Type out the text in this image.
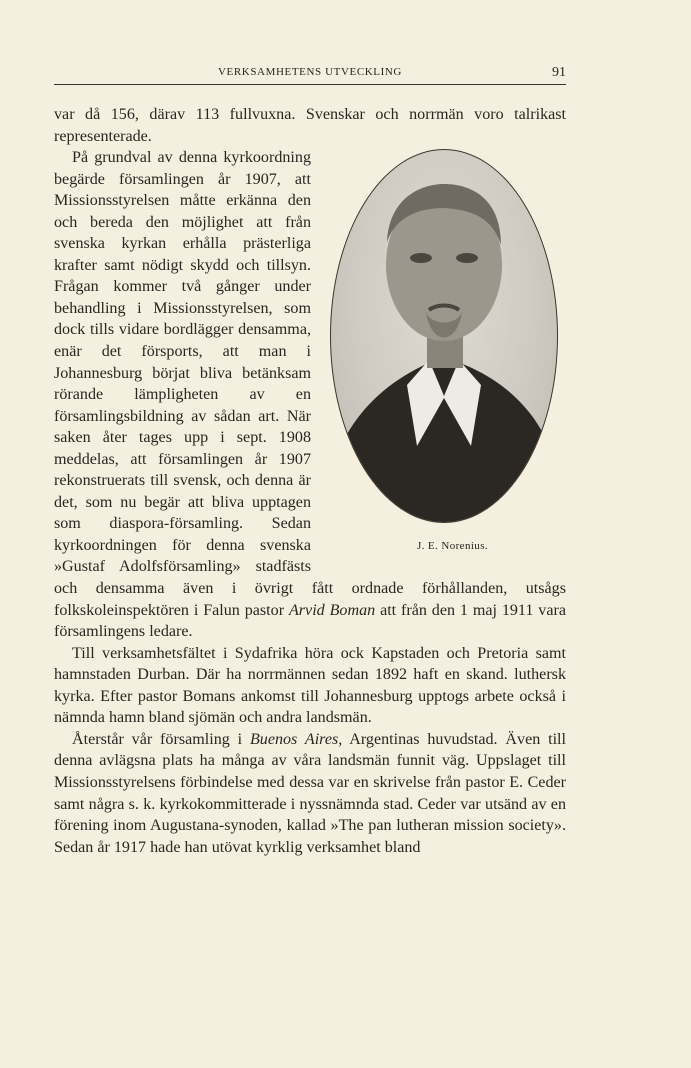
VERKSAMHETENS UTVECKLING	91

var då 156, därav 113 fullvuxna. Svenskar och norrmän voro talrikast representerade.

J. E. Norenius.
På grundval av denna kyrkoordning begärde församlingen år 1907, att Missionsstyrelsen måtte erkänna den och bereda den möjlighet att från svenska kyrkan erhålla prästerliga krafter samt nödigt skydd och tillsyn. Frågan kommer två gånger under behandling i Missionsstyrelsen, som dock tills vidare bordlägger densamma, enär det försports, att man i Johannesburg börjat bliva betänksam rörande lämpligheten av en församlingsbildning av sådan art. När saken åter tages upp i sept. 1908 meddelas, att församlingen år 1907 rekonstruerats till svensk, och denna är det, som nu begär att bliva upptagen som diaspora-församling. Sedan kyrkoordningen för denna svenska »Gustaf Adolfsförsamling» stadfästs och densamma även i övrigt fått ordnade förhållanden, utsågs folkskoleinspektören i Falun pastor Arvid Boman att från den 1 maj 1911 vara församlingens ledare.

Till verksamhetsfältet i Sydafrika höra ock Kapstaden och Pretoria samt hamnstaden Durban. Där ha norrmännen sedan 1892 haft en skand. luthersk kyrka. Efter pastor Bomans ankomst till Johannesburg upptogs arbete också i nämnda hamn bland sjömän och andra landsmän.

Återstår vår församling i Buenos Aires, Argentinas huvudstad. Även till denna avlägsna plats ha många av våra landsmän funnit väg. Uppslaget till Missionsstyrelsens förbindelse med dessa var en skrivelse från pastor E. Ceder samt några s. k. kyrkokommitterade i nyssnämnda stad. Ceder var utsänd av en förening inom Augustana-synoden, kallad »The pan lutheran mission society». Sedan år 1917 hade han utövat kyrklig verksamhet bland
